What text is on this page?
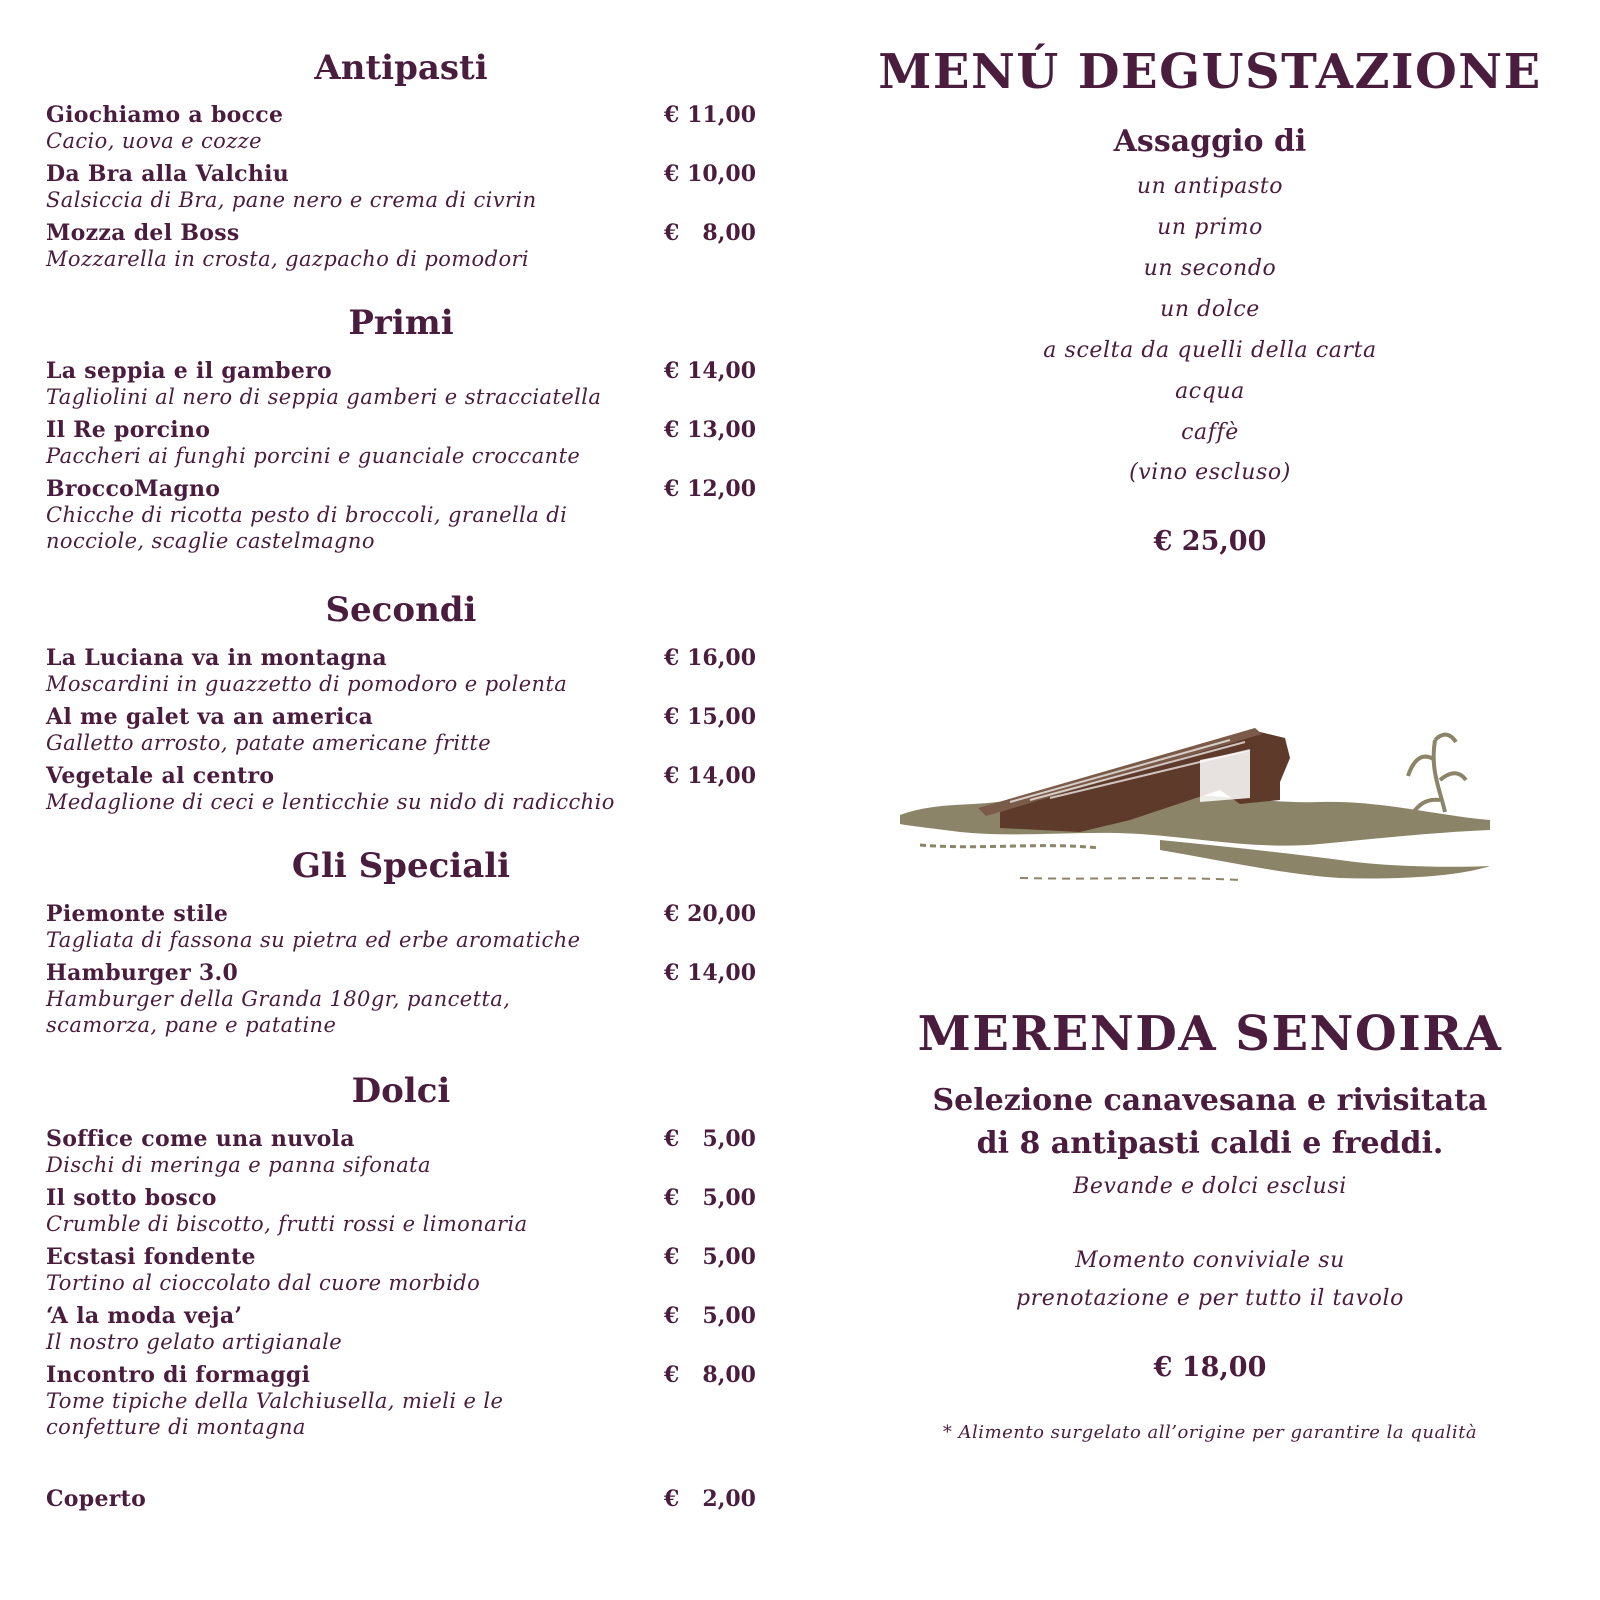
Antipasti
Giochiamo a bocce
Cacio, uova e cozze
€ 11,00
Da Bra alla Valchiu
Salsiccia di Bra, pane nero e crema di civrin
€ 10,00
Mozza del Boss
Mozzarella in crosta, gazpacho di pomodori
€ 8,00
Primi
La seppia e il gambero
Tagliolini al nero di seppia gamberi e stracciatella
€ 14,00
Il Re porcino
Paccheri ai funghi porcini e guanciale croccante
€ 13,00
BroccoMagno
Chicche di ricotta pesto di broccoli, granella di nocciole, scaglie castelmagno
€ 12,00
Secondi
La Luciana va in montagna
Moscardini in guazzetto di pomodoro e polenta
€ 16,00
Al me galet va an america
Galletto arrosto, patate americane fritte
€ 15,00
Vegetale al centro
Medaglione di ceci e lenticchie su nido di radicchio
€ 14,00
Gli Speciali
Piemonte stile
Tagliata di fassona su pietra ed erbe aromatiche
€ 20,00
Hamburger 3.0
Hamburger della Granda 180gr, pancetta, scamorza, pane e patatine
€ 14,00
Dolci
Soffice come una nuvola
Dischi di meringa e panna sifonata
€ 5,00
Il sotto bosco
Crumble di biscotto, frutti rossi e limonaria
€ 5,00
Ecstasi fondente
Tortino al cioccolato dal cuore morbido
€ 5,00
‘A la moda veja’
Il nostro gelato artigianale
€ 5,00
Incontro di formaggi
Tome tipiche della Valchiusella, mieli e le confetture di montagna
€ 8,00
Coperto	€ 2,00
MENÚ DEGUSTAZIONE
Assaggio di
un antipasto
un primo
un secondo
un dolce
a scelta da quelli della carta
acqua
caffè
(vino escluso)
€ 25,00
MERENDA SENOIRA
Selezione canavesana e rivisitata
di 8 antipasti caldi e freddi.
Bevande e dolci esclusi
Momento conviviale su
prenotazione e per tutto il tavolo
€ 18,00
* Alimento surgelato all’origine per garantire la qualità
